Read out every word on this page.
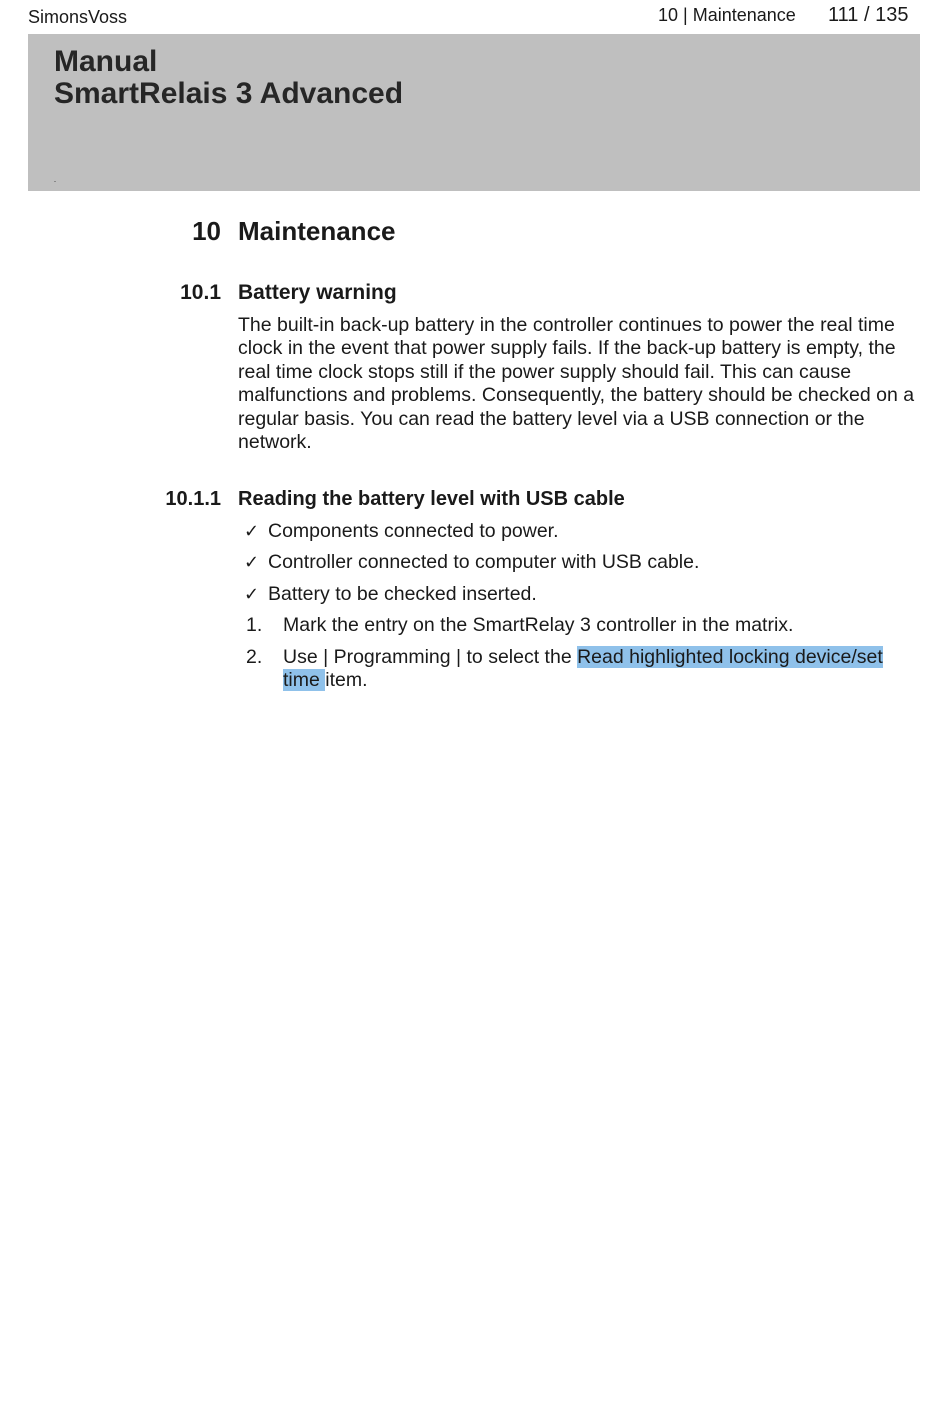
SimonsVoss	10 | Maintenance 111 / 135
Manual
SmartRelais 3 Advanced
10 Maintenance
10.1 Battery warning

The built-in back-up battery in the controller continues to power the real time clock in the event that power supply fails. If the back-up battery is empty, the real time clock stops still if the power supply should fail. This can cause malfunctions and problems. Consequently, the battery should be checked on a regular basis. You can read the battery level via a USB connection or the network.

10.1.1 Reading the battery level with USB cable
✓ Components connected to power.
✓ Controller connected to computer with USB cable.
✓ Battery to be checked inserted.
1.	Mark the entry on the SmartRelay 3 controller in the matrix.
2.	Use | Programming | to select the Read highlighted locking device/set time item.
